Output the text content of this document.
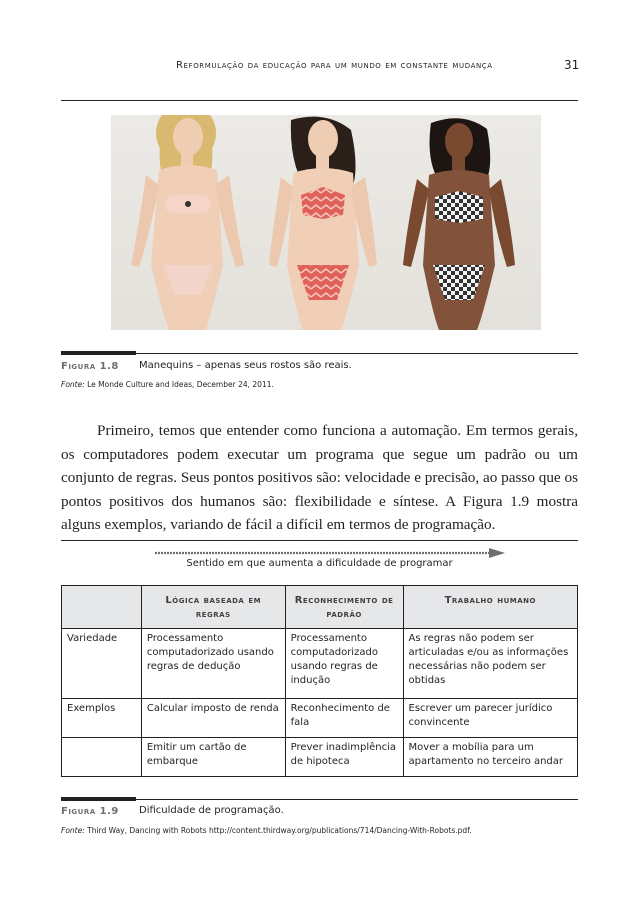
Reformulação da educação para um mundo em constante mudança	31
Figura 1.8 Manequins – apenas seus rostos são reais.
Fonte: Le Monde Culture and Ideas, December 24, 2011.

Primeiro, temos que entender como funciona a automação. Em termos gerais, os computadores podem executar um programa que segue um padrão ou um conjunto de regras. Seus pontos positivos são: velocidade e precisão, ao passo que os pontos positivos dos humanos são: flexibilidade e síntese. A Figura 1.9 mostra alguns exemplos, variando de fácil a difícil em termos de programação.

Sentido em que aumenta a dificuldade de programar
	Lógica baseada em regras	Reconhecimento de padrão	Trabalho humano
Variedade	Processamento computadorizado usando regras de dedução	Processamento computadorizado usando regras de indução	As regras não podem ser articuladas e/ou as informações necessárias não podem ser obtidas
Exemplos	Calcular imposto de renda	Reconhecimento de fala	Escrever um parecer jurídico convincente
	Emitir um cartão de embarque	Prever inadimplência de hipoteca	Mover a mobília para um apartamento no terceiro andar
Figura 1.9 Dificuldade de programação.
Fonte: Third Way, Dancing with Robots http://content.thirdway.org/publications/714/Dancing-With-Robots.pdf.
